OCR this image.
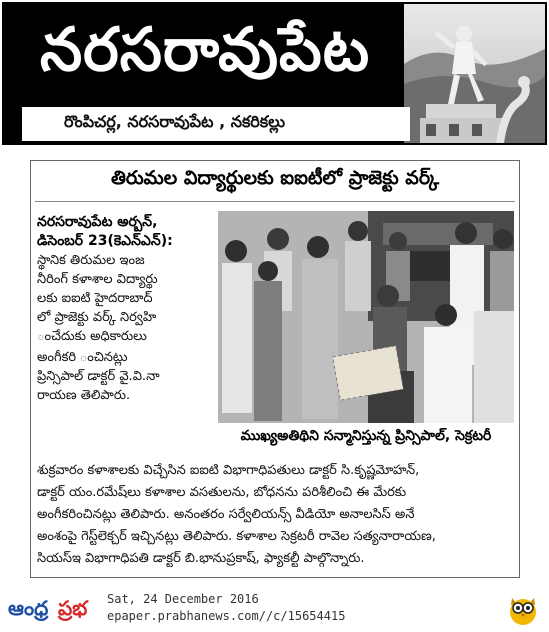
నరసరావుపేట
రొంపిచర్ల, నరసరావుపేట , నకరికల్లు
తిరుమల విద్యార్థులకు ఐఐటీలో ప్రాజెక్టు వర్క్
నరసరావుపేట అర్బన్,
డిసెంబర్ 23(కెఎన్ఎన్):
స్థానిక తిరుమల ఇంజ
నీరింగ్ కళాశాల విద్యార్థు
లకు ఐఐటి హైదరాబాద్
లో ప్రాజెక్టు వర్క్ నిర్వహి
ంచేదుకు అధికారులు
అంగీకరి ంచినట్లు
ప్రిన్సిపాల్ డాక్టర్ వై.వి.నా
రాయణ తెలిపారు.
ముఖ్యఅతిథిని సన్మానిస్తున్న ప్రిన్సిపాల్, సెక్రటరీ
శుక్రవారం కళాశాలకు విచ్చేసిన ఐఐటి విభాగాధిపతులు డాక్టర్ సి.కృష్ణమోహన్,
డాక్టర్ యం.రమేష్‌లు కళాశాల వసతులను, బోధనను పరిశీలించి ఈ మేరకు
అంగీకరించినట్లు తెలిపారు. అనంతరం సర్వేలియన్స్ వీడియో అనాలసిస్ అనే
అంశంపై గెస్ట్‌లెక్చర్ ఇచ్చినట్లు తెలిపారు. కళాశాల సెక్రటరీ రావెల సత్యనారాయణ,
సియస్‌ఇ విభాగాధిపతి డాక్టర్ బి.భానుప్రకాష్, ఫ్యాకల్టీ పాల్గొన్నారు.
ఆంధ్ర ప్రభ Sat, 24 December 2016
epaper.prabhanews.com//c/15654415
